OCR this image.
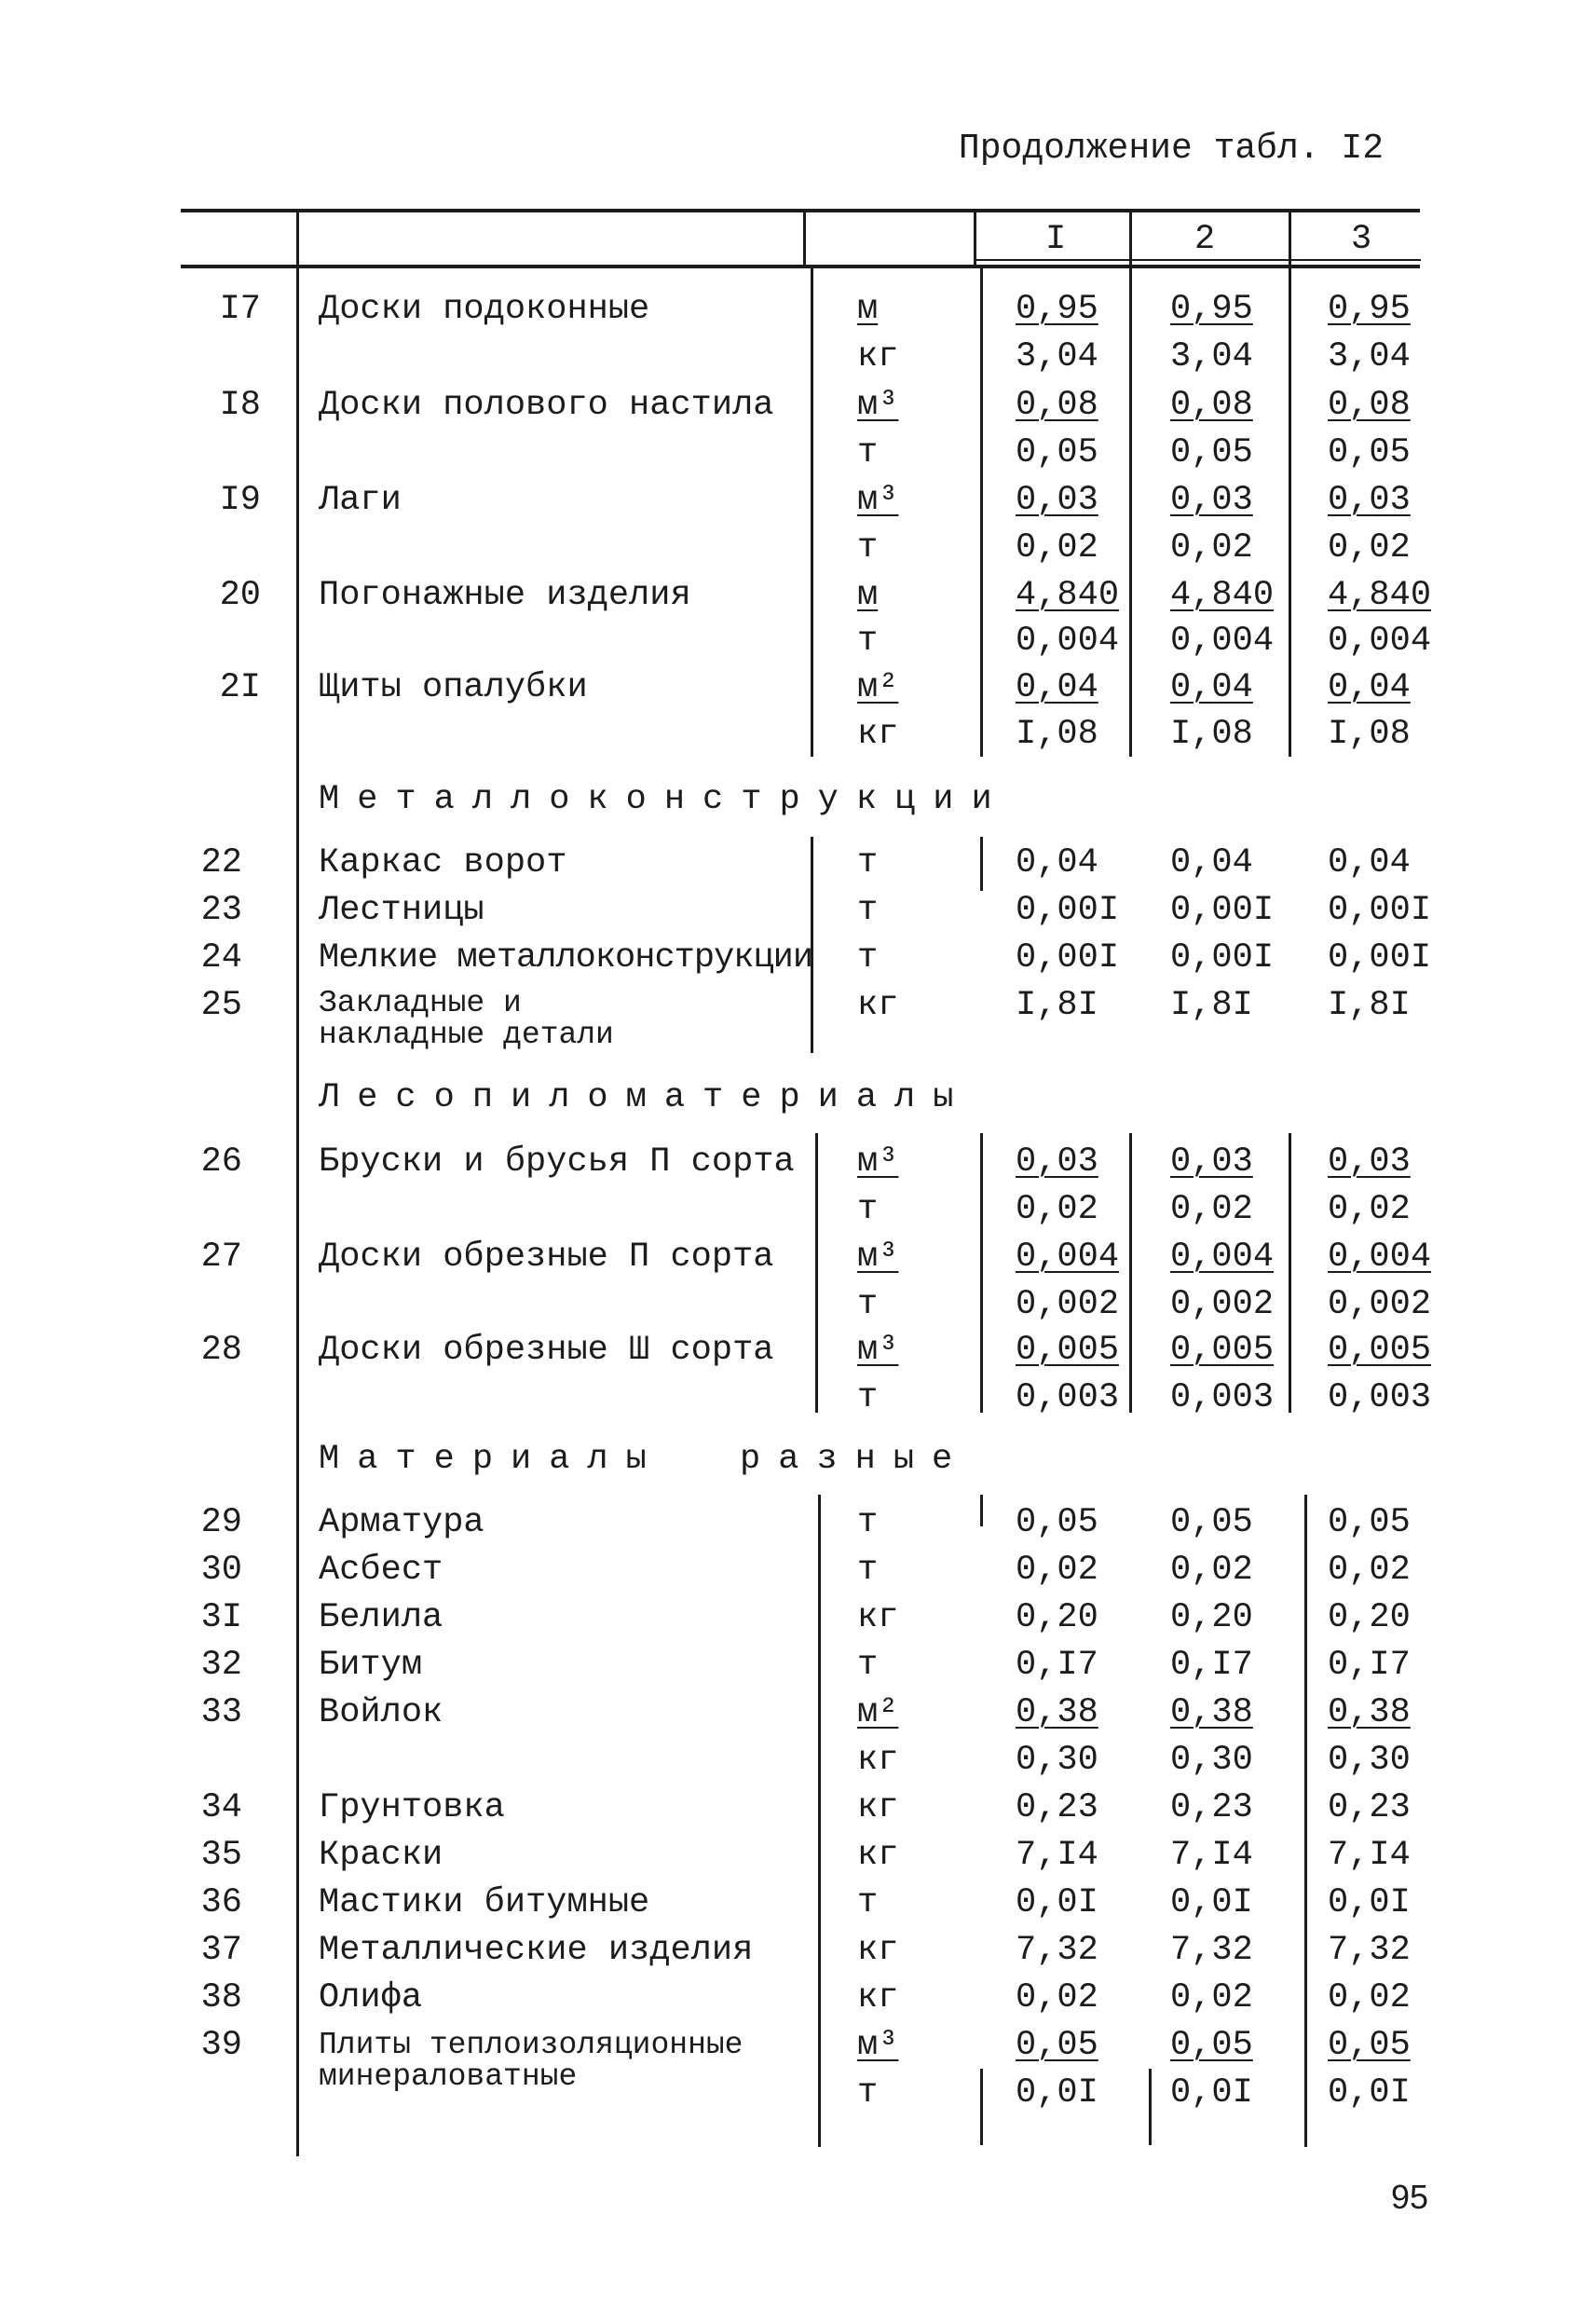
Продолжение табл. I2
I	2	3
I7 Доски подоконные	м	0,95	0,95	0,95
кг	3,04	3,04	3,04
I8 Доски полового настила м³	0,08	0,08	0,08
т	0,05	0,05	0,05
I9 Лаги	м³	0,03	0,03	0,03
т	0,02	0,02	0,02
20 Погонажные изделия	м	4,840	4,840	4,840
т	0,004	0,004	0,004
2I Щиты опалубки	м²	0,04	0,04	0,04
кг	I,08	I,08	I,08
Металлоконструкции
22 Каркас ворот	т	0,04	0,04	0,04
23 Лестницы	т	0,00I	0,00I	0,00I
24 Мелкие металлоконструкции т	0,00I	0,00I	0,00I
25 Закладные и накладные детали
кг	I,8I	I,8I	I,8I
Лесопиломатериалы
26 Бруски и брусья П сорта м³	0,03	0,03	0,03
т	0,02	0,02	0,02
27 Доски обрезные П сорта м³	0,004	0,004	0,004
т	0,002	0,002	0,002
28 Доски обрезные Ш сорта м³	0,005	0,005	0,005
т	0,003	0,003	0,003
Материалы разные
29 Арматура	т	0,05	0,05	0,05
30 Асбест	т	0,02	0,02	0,02
3I Белила	кг	0,20	0,20	0,20
32 Битум	т	0,I7	0,I7	0,I7
33 Войлок	м²	0,38	0,38	0,38
кг	0,30	0,30	0,30
34 Грунтовка	кг	0,23	0,23	0,23
35 Краски	кг	7,I4	7,I4	7,I4
36 Мастики битумные	т	0,0I	0,0I	0,0I
37 Металлические изделия	кг	7,32	7,32	7,32
38 Олифа	кг	0,02	0,02	0,02
39 Плиты теплоизоляционные минераловатные
м³	0,05	0,05	0,05
т	0,0I	0,0I	0,0I
95
